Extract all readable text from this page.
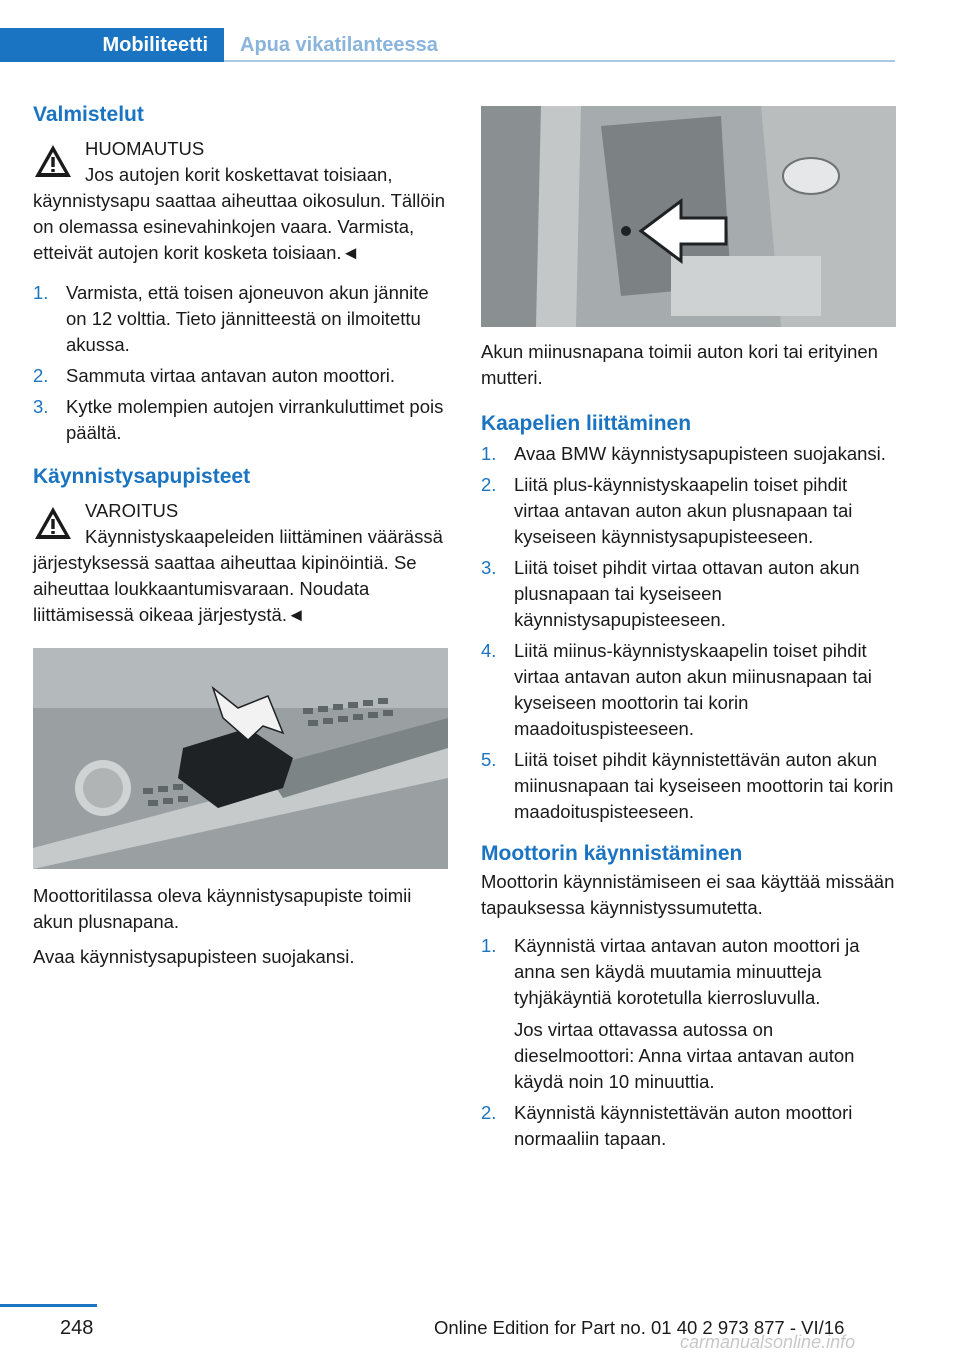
Mobiliteetti	Apua vikatilanteessa
Valmistelut
HUOMAUTUS

Jos autojen korit koskettavat toisiaan, käynnistysapu saattaa aiheuttaa oikosulun. Tällöin on olemassa esinevahinkojen vaara. Varmista, etteivät autojen korit kosketa toisiaan.◄

1. Varmista, että toisen ajoneuvon akun jännite on 12 volttia. Tieto jännitteestä on ilmoitettu akussa.
2. Sammuta virtaa antavan auton moottori.
3. Kytke molempien autojen virrankuluttimet pois päältä.
Käynnistysapupisteet
VAROITUS

Käynnistyskaapeleiden liittäminen väärässä järjestyksessä saattaa aiheuttaa kipinöintiä. Se aiheuttaa loukkaantumisvaraan. Noudata liittämisessä oikeaa järjestystä.◄

Moottoritilassa oleva käynnistysapupiste toimii akun plusnapana.

Avaa käynnistysapupisteen suojakansi.

Akun miinusnapana toimii auton kori tai erityinen mutteri.

Kaapelien liittäminen
1. Avaa BMW käynnistysapupisteen suojakansi.
2. Liitä plus-käynnistyskaapelin toiset pihdit virtaa antavan auton akun plusnapaan tai kyseiseen käynnistysapupisteeseen.
3. Liitä toiset pihdit virtaa ottavan auton akun plusnapaan tai kyseiseen käynnistysapupisteeseen.
4. Liitä miinus-käynnistyskaapelin toiset pihdit virtaa antavan auton akun miinusnapaan tai kyseiseen moottorin tai korin maadoituspisteeseen.
5. Liitä toiset pihdit käynnistettävän auton akun miinusnapaan tai kyseiseen moottorin tai korin maadoituspisteeseen.
Moottorin käynnistäminen

Moottorin käynnistämiseen ei saa käyttää missään tapauksessa käynnistyssumutetta.

1. Käynnistä virtaa antavan auton moottori ja anna sen käydä muutamia minuutteja tyhjäkäyntiä korotetulla kierrosluvulla.
Jos virtaa ottavassa autossa on dieselmoottori: Anna virtaa antavan auton käydä noin 10 minuuttia.
2. Käynnistä käynnistettävän auton moottori normaaliin tapaan.
248	Online Edition for Part no. 01 40 2 973 877 - VI/16
carmanualsonline.info
